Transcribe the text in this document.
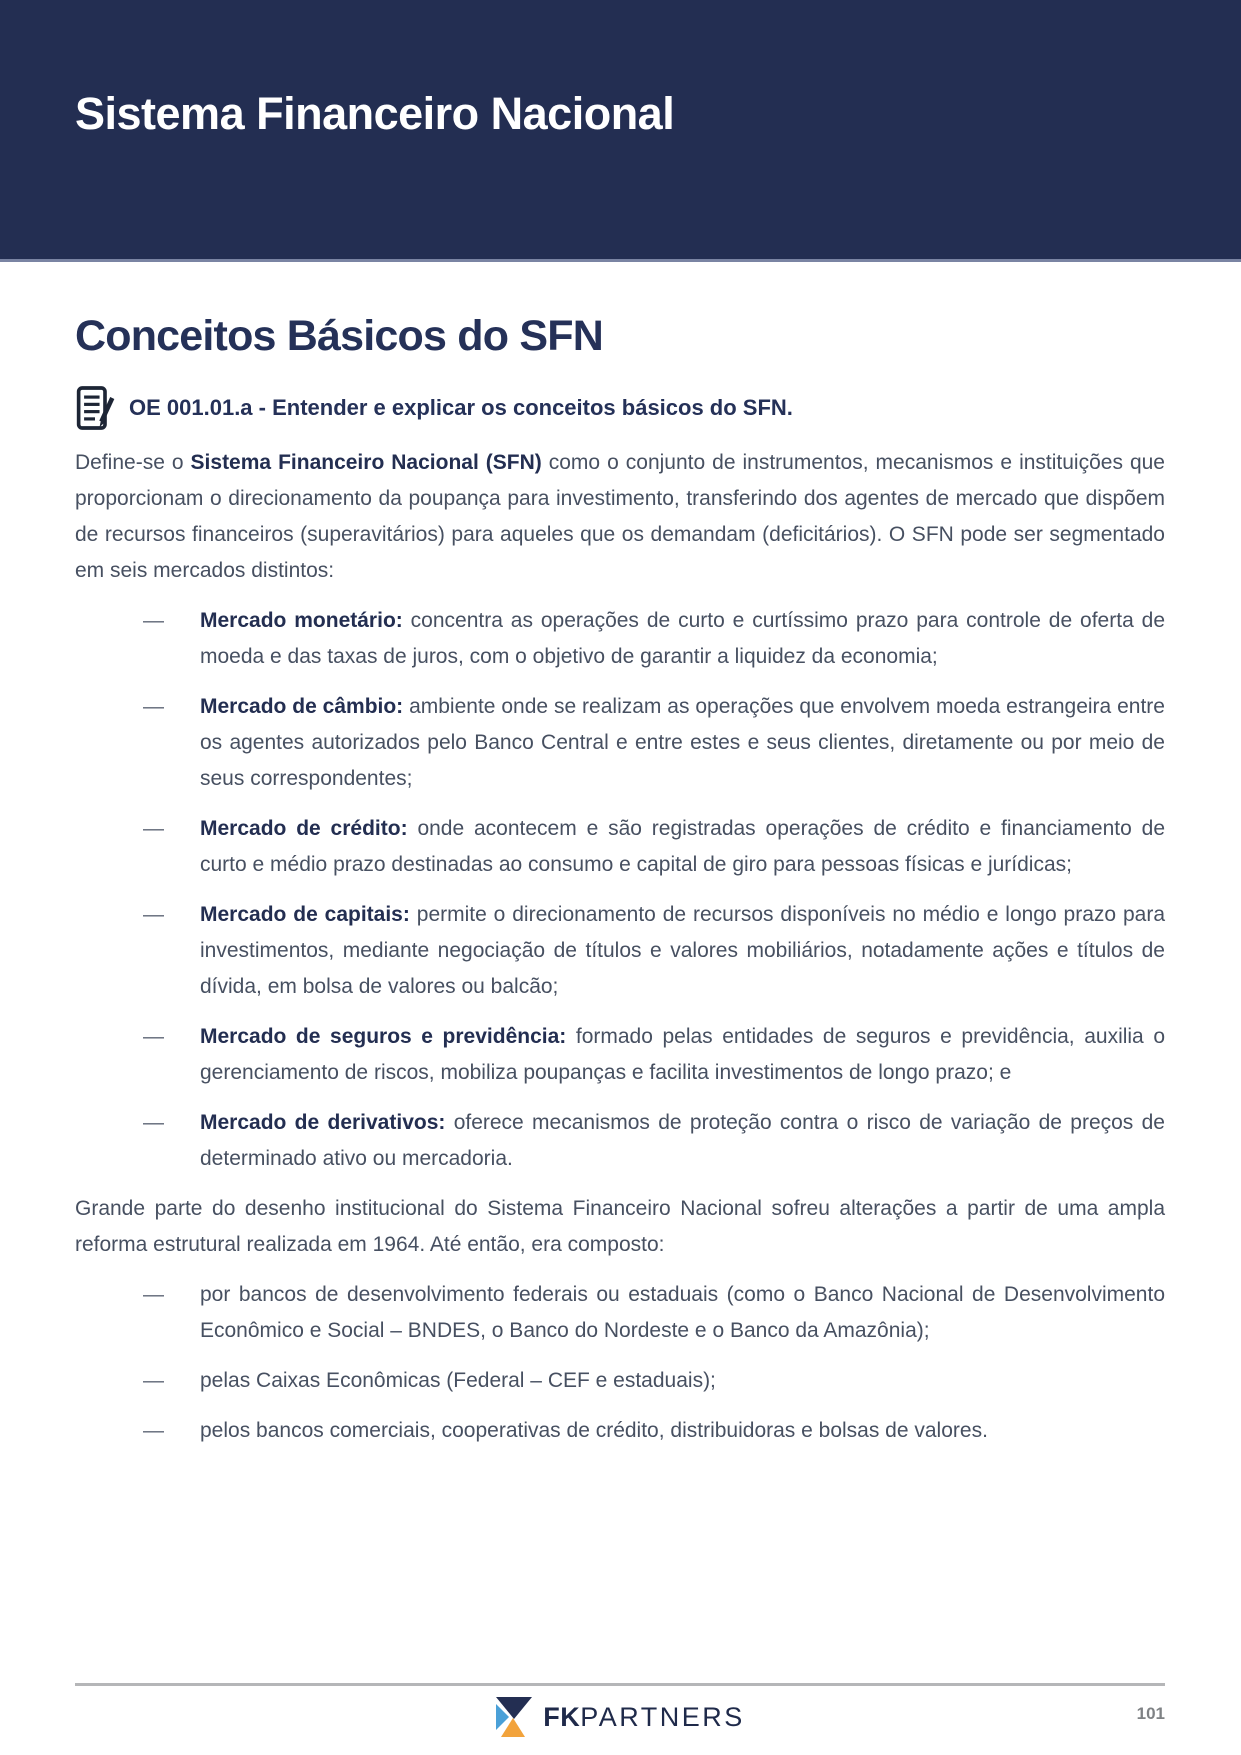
Sistema Financeiro Nacional
Conceitos Básicos do SFN
OE 001.01.a - Entender e explicar os conceitos básicos do SFN.

Define-se o Sistema Financeiro Nacional (SFN) como o conjunto de instrumentos, mecanismos e instituições que proporcionam o direcionamento da poupança para investimento, transferindo dos agentes de mercado que dispõem de recursos financeiros (superavitários) para aqueles que os demandam (deficitários). O SFN pode ser segmentado em seis mercados distintos:

— Mercado monetário: concentra as operações de curto e curtíssimo prazo para controle de oferta de moeda e das taxas de juros, com o objetivo de garantir a liquidez da economia;
— Mercado de câmbio: ambiente onde se realizam as operações que envolvem moeda estrangeira entre os agentes autorizados pelo Banco Central e entre estes e seus clientes, diretamente ou por meio de seus correspondentes;
— Mercado de crédito: onde acontecem e são registradas operações de crédito e financiamento de curto e médio prazo destinadas ao consumo e capital de giro para pessoas físicas e jurídicas;
— Mercado de capitais: permite o direcionamento de recursos disponíveis no médio e longo prazo para investimentos, mediante negociação de títulos e valores mobiliários, notadamente ações e títulos de dívida, em bolsa de valores ou balcão;
— Mercado de seguros e previdência: formado pelas entidades de seguros e previdência, auxilia o gerenciamento de riscos, mobiliza poupanças e facilita investimentos de longo prazo; e
— Mercado de derivativos: oferece mecanismos de proteção contra o risco de variação de preços de determinado ativo ou mercadoria.

Grande parte do desenho institucional do Sistema Financeiro Nacional sofreu alterações a partir de uma ampla reforma estrutural realizada em 1964. Até então, era composto:

— por bancos de desenvolvimento federais ou estaduais (como o Banco Nacional de Desenvolvimento Econômico e Social – BNDES, o Banco do Nordeste e o Banco da Amazônia);
— pelas Caixas Econômicas (Federal – CEF e estaduais);
— pelos bancos comerciais, cooperativas de crédito, distribuidoras e bolsas de valores.
FKPARTNERS	101
